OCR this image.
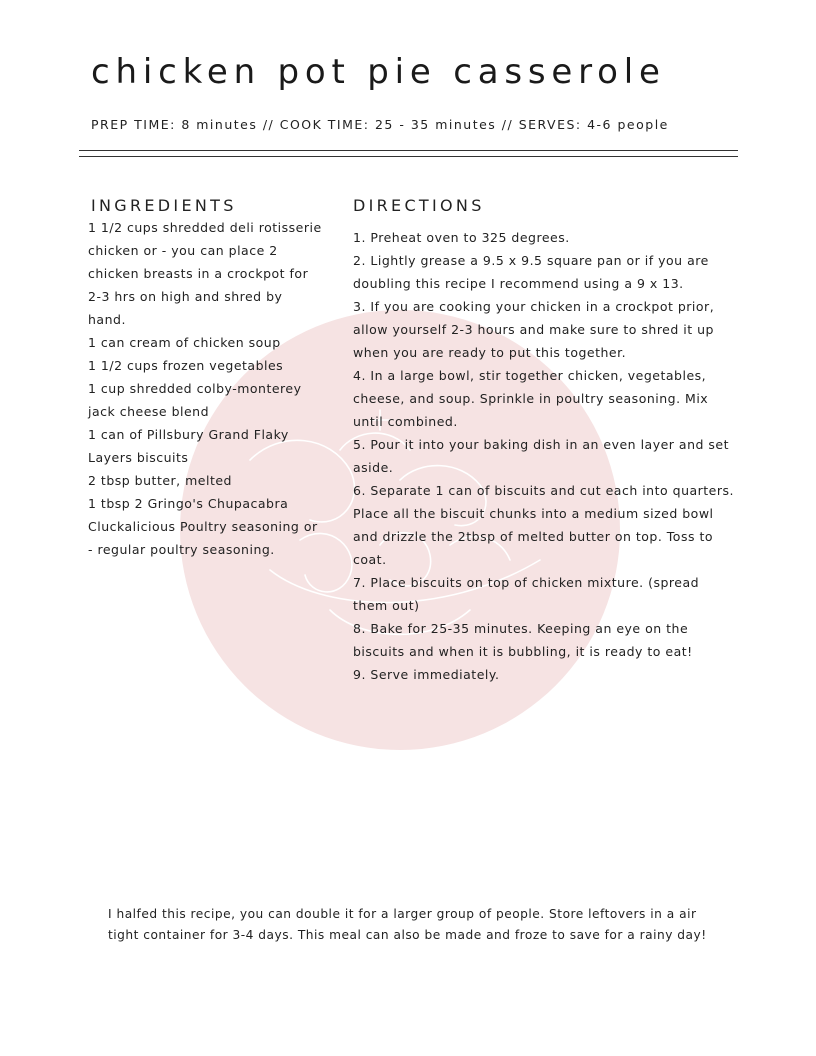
chicken pot pie casserole

PREP TIME: 8 minutes // COOK TIME: 25 - 35 minutes // SERVES: 4-6 people

INGREDIENTS
1 1/2 cups shredded deli rotisserie chicken or - you can place 2 chicken breasts in a crockpot for 2-3 hrs on high and shred by hand.
1 can cream of chicken soup
1 1/2 cups frozen vegetables
1 cup shredded colby-monterey jack cheese blend
1 can of Pillsbury Grand Flaky Layers biscuits
2 tbsp butter, melted
1 tbsp 2 Gringo's Chupacabra Cluckalicious Poultry seasoning or - regular poultry seasoning.
DIRECTIONS
1. Preheat oven to 325 degrees.
2. Lightly grease a 9.5 x 9.5 square pan or if you are doubling this recipe I recommend using a 9 x 13.
3. If you are cooking your chicken in a crockpot prior, allow yourself 2-3 hours and make sure to shred it up when you are ready to put this together.
4. In a large bowl, stir together chicken, vegetables, cheese, and soup. Sprinkle in poultry seasoning. Mix until combined.
5. Pour it into your baking dish in an even layer and set aside.
6. Separate 1 can of biscuits and cut each into quarters. Place all the biscuit chunks into a medium sized bowl and drizzle the 2tbsp of melted butter on top. Toss to coat.
7. Place biscuits on top of chicken mixture. (spread them out)
8. Bake for 25-35 minutes. Keeping an eye on the biscuits and when it is bubbling, it is ready to eat!
9. Serve immediately.

I halfed this recipe, you can double it for a larger group of people. Store leftovers in a air tight container for 3-4 days. This meal can also be made and froze to save for a rainy day!
